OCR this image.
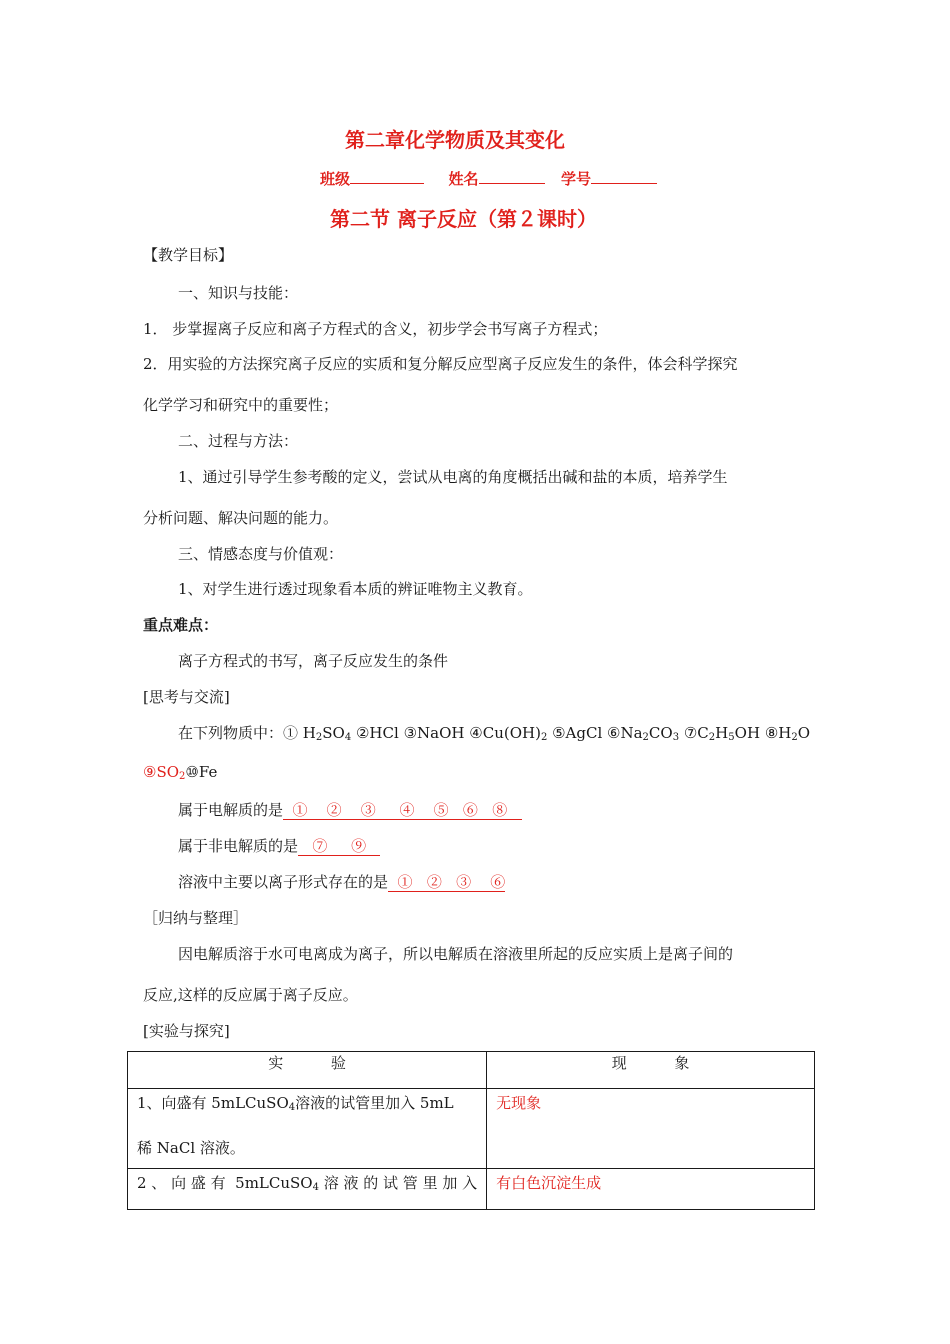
第二章化学物质及其变化
班级	姓名	学号
第二节 离子反应（第２课时）
【教学目标】
一、知识与技能：
1． 步掌握离子反应和离子方程式的含义，初步学会书写离子方程式；
2．用实验的方法探究离子反应的实质和复分解反应型离子反应发生的条件，体会科学探究
化学学习和研究中的重要性；
二、过程与方法：
1、通过引导学生参考酸的定义，尝试从电离的角度概括出碱和盐的本质，培养学生
分析问题、解决问题的能力。
三、情感态度与价值观：
1、对学生进行透过现象看本质的辨证唯物主义教育。
重点难点：
离子方程式的书写，离子反应发生的条件
[思考与交流]
在下列物质中：① $H_2SO_4$ ②HCl ③NaOH $④Cu(OH)_2$ ⑤AgCl $⑥Na_2CO_3$ $⑦C_2H_5OH$ $⑧H_2O$
$⑨SO_2⑩Fe$
属于电解质的是  ①    ②    ③     ④    ⑤   ⑥   ⑧
属于非电解质的是   ⑦     ⑨
溶液中主要以离子形式存在的是  ①   ②   ③    ⑥
［归纳与整理］
因电解质溶于水可电离成为离子，所以电解质在溶液里所起的反应实质上是离子间的
反应,这样的反应属于离子反应。
[实验与探究]
实          验	现          象

1、向盛有 5mLCuSO$_4$溶液的试管里加入 5mL
稀 NaCl 溶液。	无现象

2 、 向 盛 有  5mLCuSO$_4$ 溶 液 的 试 管 里 加 入	有白色沉淀生成
